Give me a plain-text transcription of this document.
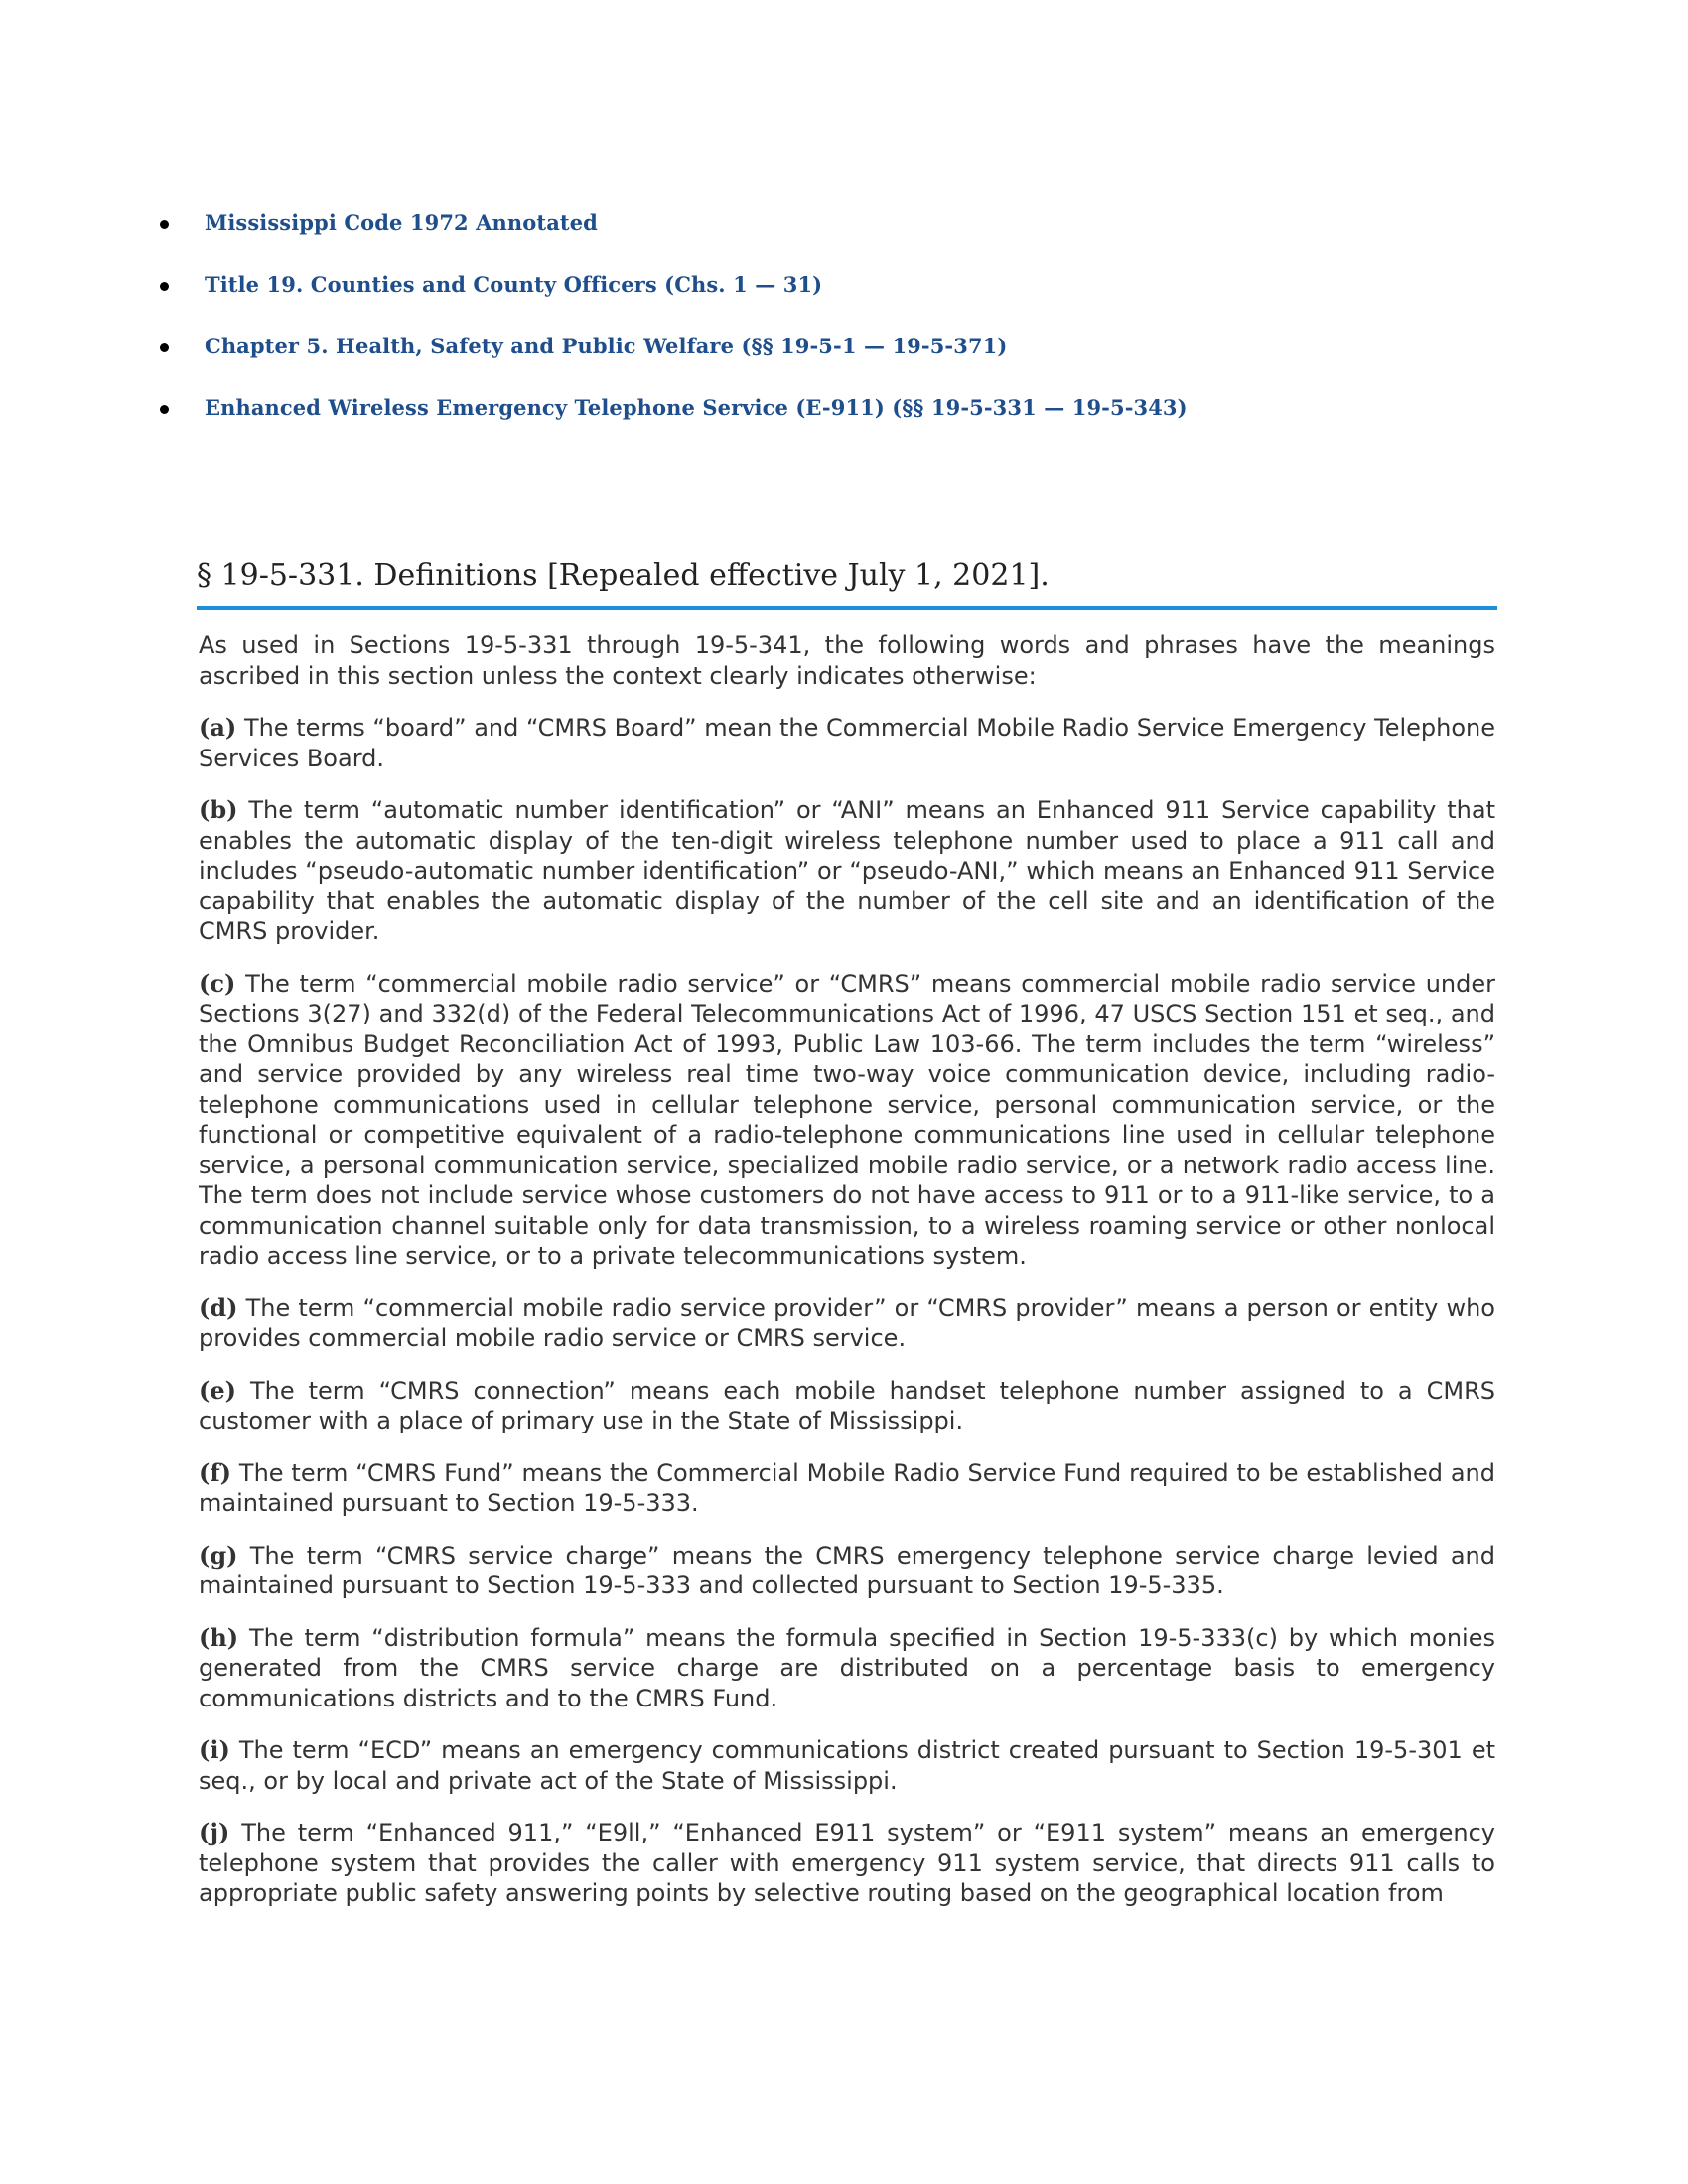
Mississippi Code 1972 Annotated
Title 19. Counties and County Officers (Chs. 1 — 31)
Chapter 5. Health, Safety and Public Welfare (§§ 19-5-1 — 19-5-371)
Enhanced Wireless Emergency Telephone Service (E-911) (§§ 19-5-331 — 19-5-343)
§ 19-5-331. Definitions [Repealed effective July 1, 2021].

As used in Sections 19-5-331 through 19-5-341, the following words and phrases have the meanings ascribed in this section unless the context clearly indicates otherwise:

(a) The terms “board” and “CMRS Board” mean the Commercial Mobile Radio Service Emergency Telephone Services Board.

(b) The term “automatic number identification” or “ANI” means an Enhanced 911 Service capability that enables the automatic display of the ten-digit wireless telephone number used to place a 911 call and includes “pseudo-automatic number identification” or “pseudo-ANI,” which means an Enhanced 911 Service capability that enables the automatic display of the number of the cell site and an identification of the CMRS provider.

(c) The term “commercial mobile radio service” or “CMRS” means commercial mobile radio service under Sections 3(27) and 332(d) of the Federal Telecommunications Act of 1996, 47 USCS Section 151 et seq., and the Omnibus Budget Reconciliation Act of 1993, Public Law 103-66. The term includes the term “wireless” and service provided by any wireless real time two-way voice communication device, including radio-telephone communications used in cellular telephone service, personal communication service, or the functional or competitive equivalent of a radio-telephone communications line used in cellular telephone service, a personal communication service, specialized mobile radio service, or a network radio access line. The term does not include service whose customers do not have access to 911 or to a 911-like service, to a communication channel suitable only for data transmission, to a wireless roaming service or other nonlocal radio access line service, or to a private telecommunications system.

(d) The term “commercial mobile radio service provider” or “CMRS provider” means a person or entity who provides commercial mobile radio service or CMRS service.

(e) The term “CMRS connection” means each mobile handset telephone number assigned to a CMRS customer with a place of primary use in the State of Mississippi.

(f) The term “CMRS Fund” means the Commercial Mobile Radio Service Fund required to be established and maintained pursuant to Section 19-5-333.

(g) The term “CMRS service charge” means the CMRS emergency telephone service charge levied and maintained pursuant to Section 19-5-333 and collected pursuant to Section 19-5-335.

(h) The term “distribution formula” means the formula specified in Section 19-5-333(c) by which monies generated from the CMRS service charge are distributed on a percentage basis to emergency communications districts and to the CMRS Fund.

(i) The term “ECD” means an emergency communications district created pursuant to Section 19-5-301 et seq., or by local and private act of the State of Mississippi.

(j) The term “Enhanced 911,” “E9ll,” “Enhanced E911 system” or “E911 system” means an emergency telephone system that provides the caller with emergency 911 system service, that directs 911 calls to appropriate public safety answering points by selective routing based on the geographical location from
